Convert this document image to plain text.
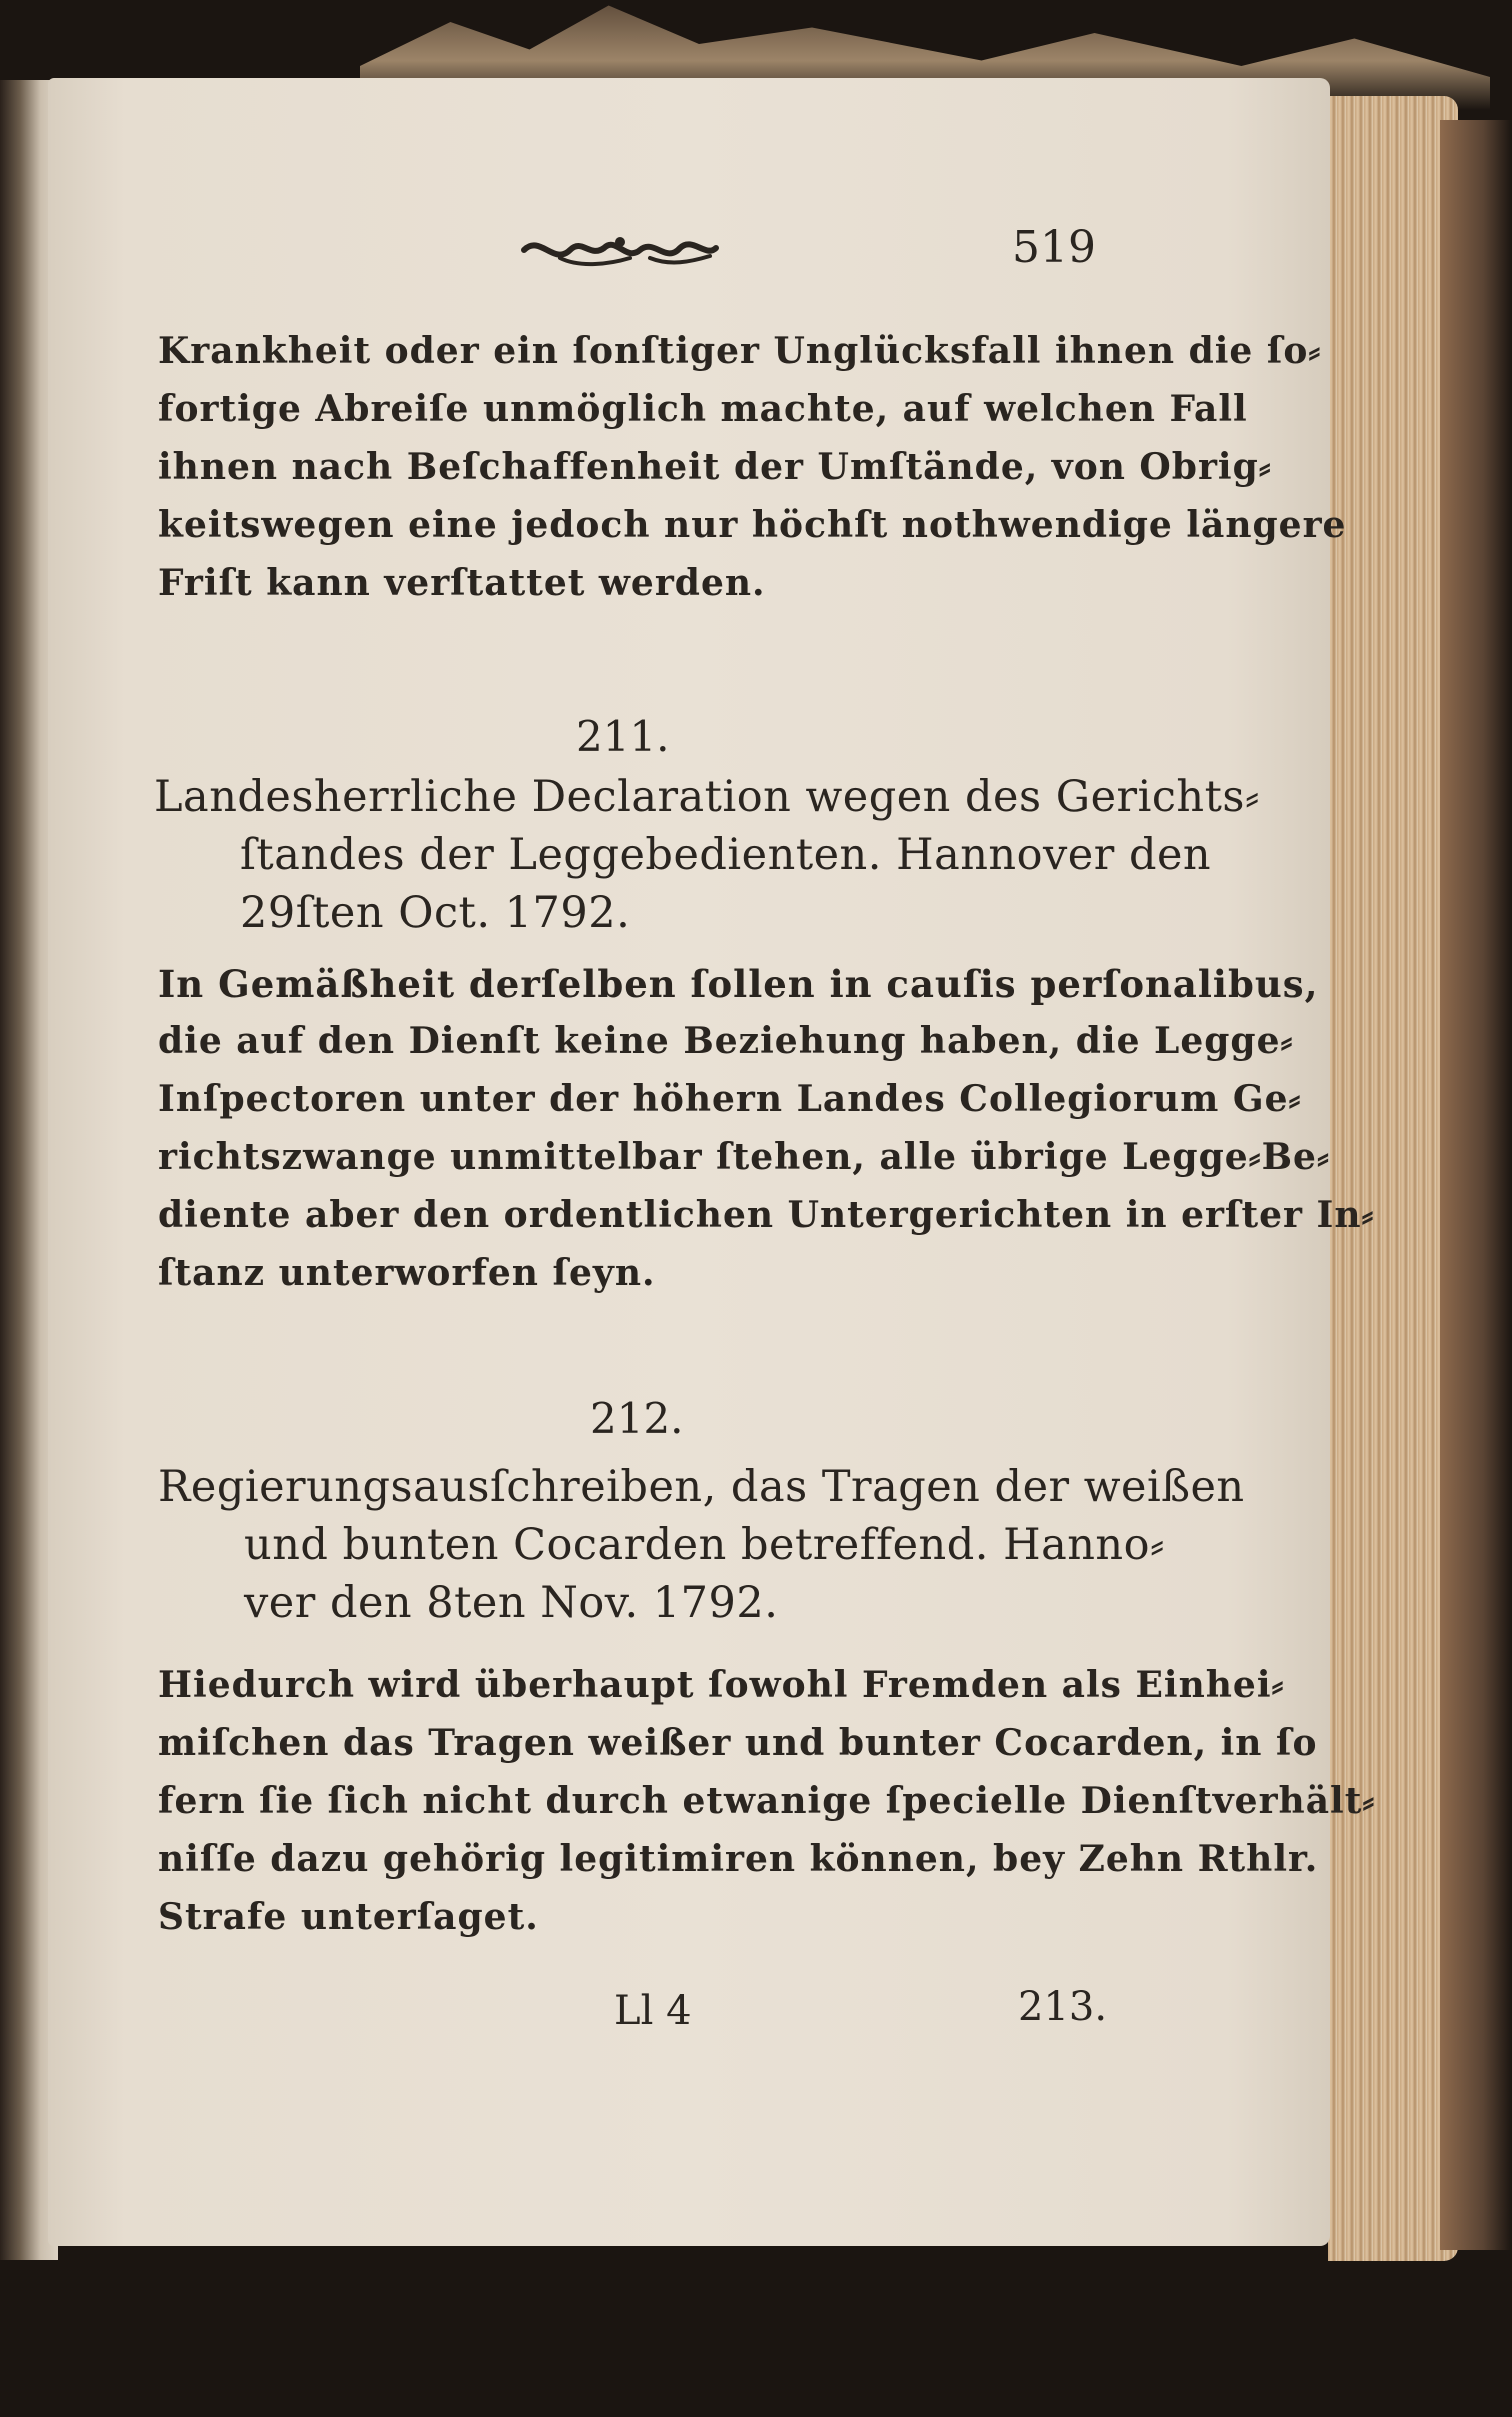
519
Krankheit oder ein ſonſtiger Unglücksfall ihnen die ſo⸗
fortige Abreiſe unmöglich machte, auf welchen Fall
ihnen nach Beſchaffenheit der Umſtände, von Obrig⸗
keitswegen eine jedoch nur höchſt nothwendige längere
Friſt kann verſtattet werden.
211.
Landesherrliche Declaration wegen des Gerichts⸗
ſtandes der Leggebedienten. Hannover den
29ſten Oct. 1792.
In Gemäßheit derſelben ſollen in cauſis perſonalibus,
die auf den Dienſt keine Beziehung haben, die Legge⸗
Inſpectoren unter der höhern Landes Collegiorum Ge⸗
richtszwange unmittelbar ſtehen, alle übrige Legge⸗Be⸗
diente aber den ordentlichen Untergerichten in erſter In⸗
ſtanz unterworfen ſeyn.
212.
Regierungsausſchreiben, das Tragen der weißen
und bunten Cocarden betreffend. Hanno⸗
ver den 8ten Nov. 1792.
Hiedurch wird überhaupt ſowohl Fremden als Einhei⸗
miſchen das Tragen weißer und bunter Cocarden, in ſo
fern ſie ſich nicht durch etwanige ſpecielle Dienſtverhält⸗
niſſe dazu gehörig legitimiren können, bey Zehn Rthlr.
Strafe unterſaget.
Ll 4	213.
